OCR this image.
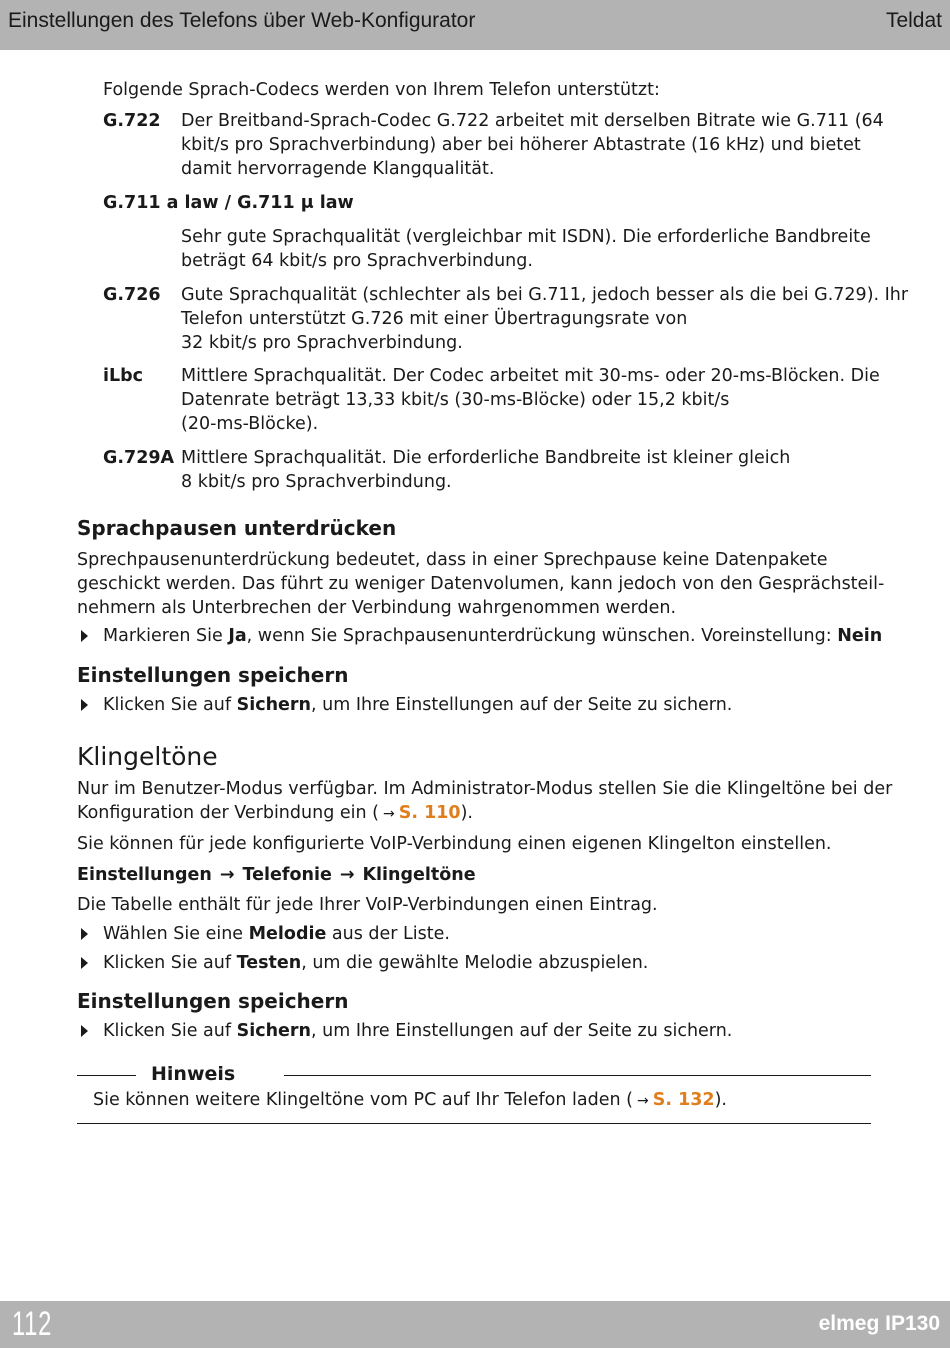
Einstellungen des Telefons über Web-Konfigurator	Teldat
Folgende Sprach-Codecs werden von Ihrem Telefon unterstützt:
G.722 Der Breitband-Sprach-Codec G.722 arbeitet mit derselben Bitrate wie G.711 (64
kbit/s pro Sprachverbindung) aber bei höherer Abtastrate (16 kHz) und bietet
damit hervorragende Klangqualität.
G.711 a law / G.711 μ law
Sehr gute Sprachqualität (vergleichbar mit ISDN). Die erforderliche Bandbreite
beträgt 64 kbit/s pro Sprachverbindung.
G.726 Gute Sprachqualität (schlechter als bei G.711, jedoch besser als die bei G.729). Ihr
Telefon unterstützt G.726 mit einer Übertragungsrate von
32 kbit/s pro Sprachverbindung.
iLbc Mittlere Sprachqualität. Der Codec arbeitet mit 30-ms- oder 20-ms-Blöcken. Die
Datenrate beträgt 13,33 kbit/s (30-ms-Blöcke) oder 15,2 kbit/s
(20-ms-Blöcke).
G.729A Mittlere Sprachqualität. Die erforderliche Bandbreite ist kleiner gleich
8 kbit/s pro Sprachverbindung.
Sprachpausen unterdrücken
Sprechpausenunterdrückung bedeutet, dass in einer Sprechpause keine Datenpakete
geschickt werden. Das führt zu weniger Datenvolumen, kann jedoch von den Gesprächsteil-
nehmern als Unterbrechen der Verbindung wahrgenommen werden.
Markieren Sie Ja, wenn Sie Sprachpausenunterdrückung wünschen. Voreinstellung: Nein
Einstellungen speichern
Klicken Sie auf Sichern, um Ihre Einstellungen auf der Seite zu sichern.
Klingeltöne
Nur im Benutzer-Modus verfügbar. Im Administrator-Modus stellen Sie die Klingeltöne bei der
Konfiguration der Verbindung ein ( → S. 110).
Sie können für jede konfigurierte VoIP-Verbindung einen eigenen Klingelton einstellen.
Einstellungen → Telefonie → Klingeltöne
Die Tabelle enthält für jede Ihrer VoIP-Verbindungen einen Eintrag.
Wählen Sie eine Melodie aus der Liste.
Klicken Sie auf Testen, um die gewählte Melodie abzuspielen.
Einstellungen speichern
Klicken Sie auf Sichern, um Ihre Einstellungen auf der Seite zu sichern.
Hinweis
Sie können weitere Klingeltöne vom PC auf Ihr Telefon laden ( → S. 132).
112	elmeg IP130
